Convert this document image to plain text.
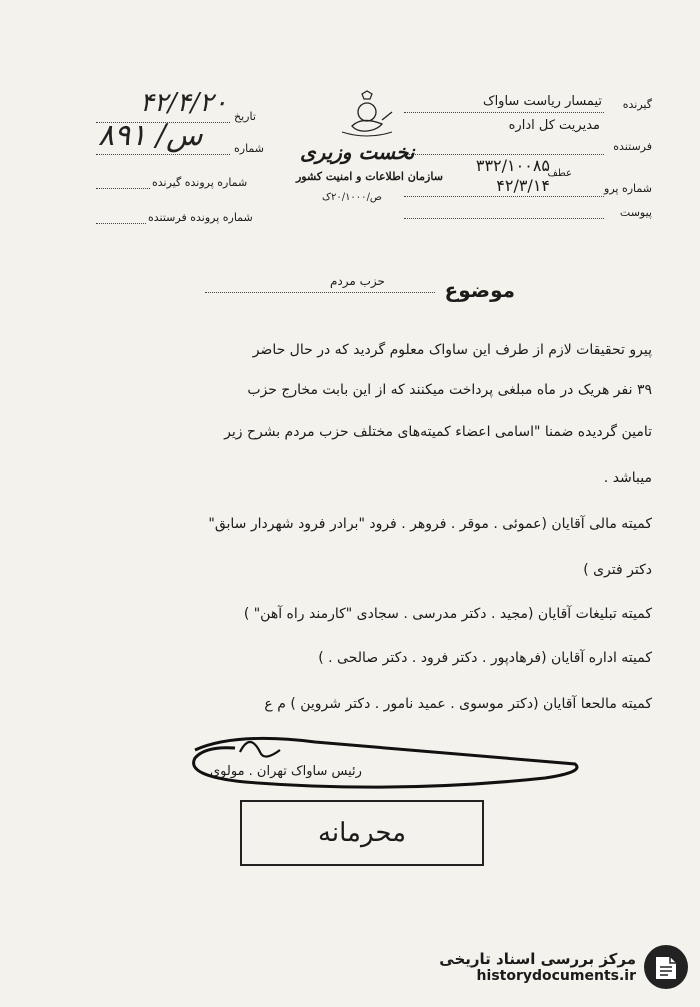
گیرنده
تیمسار ریاست ساواک
مدیریت کل اداره
فرستنده
عطف
۳۳۲/۱۰۰۸۵
شماره پرو
۴۲/۳/۱۴
پیوست
نخست وزیری
سازمان اطلاعات و امنیت کشور
ص/۲۰/۱۰۰۰ک
تاریخ
۴۲/۴/۲۰
شماره
۸۹۱ /س
شماره پرونده گیرنده
شماره پرونده فرستنده
موضوع
حزب مردم
پیرو تحقیقات لازم از طرف این ساواک معلوم گردید که در حال حاضر
۳۹ نفر هریک در ماه مبلغی پرداخت میکنند که از این بابت مخارج حزب
تامین گردیده ضمنا "اسامی اعضاء کمیته‌های مختلف حزب مردم بشرح زیر
میباشد .
کمیته مالی آقایان (عموئی . موقر . فروهر . فرود "برادر فرود شهردار سابق"
دکتر فتری )
کمیته تبلیغات آقایان (مجید . دکتر مدرسی . سجادی "کارمند راه آهن" )
کمیته اداره آقایان (فرهادپور . دکتر فرود . دکتر صالحی . )
کمیته مالحعا آقایان (دکتر موسوی . عمید نامور . دکتر شروین ) م ع
رئیس ساواک تهران . مولوی
محرمانه
مرکز بررسی اسناد تاریخی
historydocuments.ir
